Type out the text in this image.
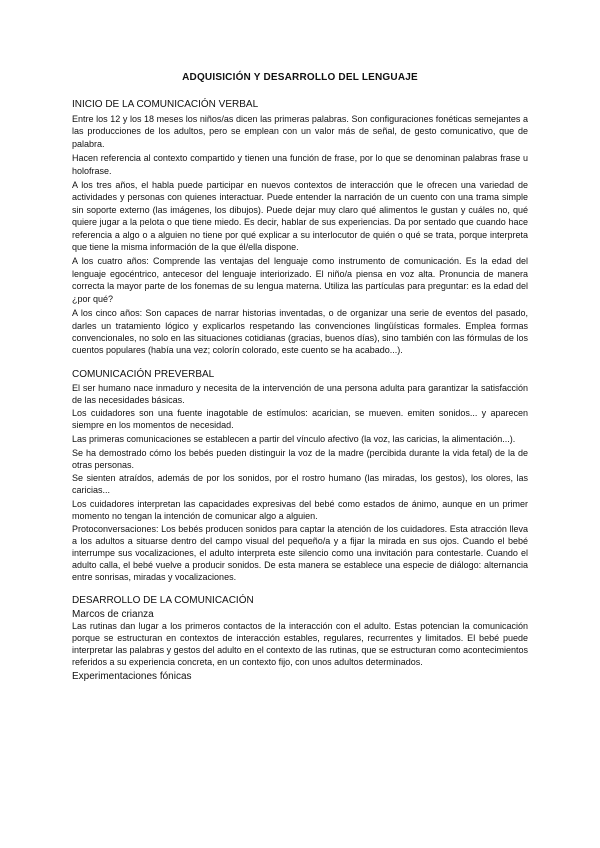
ADQUISICIÓN Y DESARROLLO DEL LENGUAJE
INICIO DE LA COMUNICACIÓN VERBAL

Entre los 12 y los 18 meses los niños/as dicen las primeras palabras. Son configuraciones fonéticas semejantes a las producciones de los adultos, pero se emplean con un valor más de señal, de gesto comunicativo, que de palabra.

Hacen referencia al contexto compartido y tienen una función de frase, por lo que se denominan palabras frase u holofrase.

A los tres años, el habla puede participar en nuevos contextos de interacción que le ofrecen una variedad de actividades y personas con quienes interactuar. Puede entender la narración de un cuento con una trama simple sin soporte externo (las imágenes, los dibujos). Puede dejar muy claro qué alimentos le gustan y cuáles no, qué quiere jugar a la pelota o que tiene miedo. Es decir, hablar de sus experiencias. Da por sentado que cuando hace referencia a algo o a alguien no tiene por qué explicar a su interlocutor de quién o qué se trata, porque interpreta que tiene la misma información de la que él/ella dispone.

A los cuatro años: Comprende las ventajas del lenguaje como instrumento de comunicación. Es la edad del lenguaje egocéntrico, antecesor del lenguaje interiorizado. El niño/a piensa en voz alta. Pronuncia de manera correcta la mayor parte de los fonemas de su lengua materna. Utiliza las partículas para preguntar: es la edad del ¿por qué?

A los cinco años: Son capaces de narrar historias inventadas, o de organizar una serie de eventos del pasado, darles un tratamiento lógico y explicarlos respetando las convenciones lingüísticas formales. Emplea formas convencionales, no solo en las situaciones cotidianas (gracias, buenos días), sino también con las fórmulas de los cuentos populares (había una vez; colorín colorado, este cuento se ha acabado...).

COMUNICACIÓN PREVERBAL

El ser humano nace inmaduro y necesita de la intervención de una persona adulta para garantizar la satisfacción de las necesidades básicas.

Los cuidadores son una fuente inagotable de estímulos: acarician, se mueven. emiten sonidos... y aparecen siempre en los momentos de necesidad.

Las primeras comunicaciones se establecen a partir del vínculo afectivo (la voz, las caricias, la alimentación...).

Se ha demostrado cómo los bebés pueden distinguir la voz de la madre (percibida durante la vida fetal) de la de otras personas.

Se sienten atraídos, además de por los sonidos, por el rostro humano (las miradas, los gestos), los olores, las caricias...

Los cuidadores interpretan las capacidades expresivas del bebé como estados de ánimo, aunque en un primer momento no tengan la intención de comunicar algo a alguien.

Protoconversaciones: Los bebés producen sonidos para captar la atención de los cuidadores. Esta atracción lleva a los adultos a situarse dentro del campo visual del pequeño/a y a fijar la mirada en sus ojos. Cuando el bebé interrumpe sus vocalizaciones, el adulto interpreta este silencio como una invitación para contestarle. Cuando el adulto calla, el bebé vuelve a producir sonidos. De esta manera se establece una especie de diálogo: alternancia entre sonrisas, miradas y vocalizaciones.

DESARROLLO DE LA COMUNICACIÓN
Marcos de crianza

Las rutinas dan lugar a los primeros contactos de la interacción con el adulto. Estas potencian la comunicación porque se estructuran en contextos de interacción estables, regulares, recurrentes y limitados. El bebé puede interpretar las palabras y gestos del adulto en el contexto de las rutinas, que se estructuran como acontecimientos referidos a su experiencia concreta, en un contexto fijo, con unos adultos determinados.

Experimentaciones fónicas
